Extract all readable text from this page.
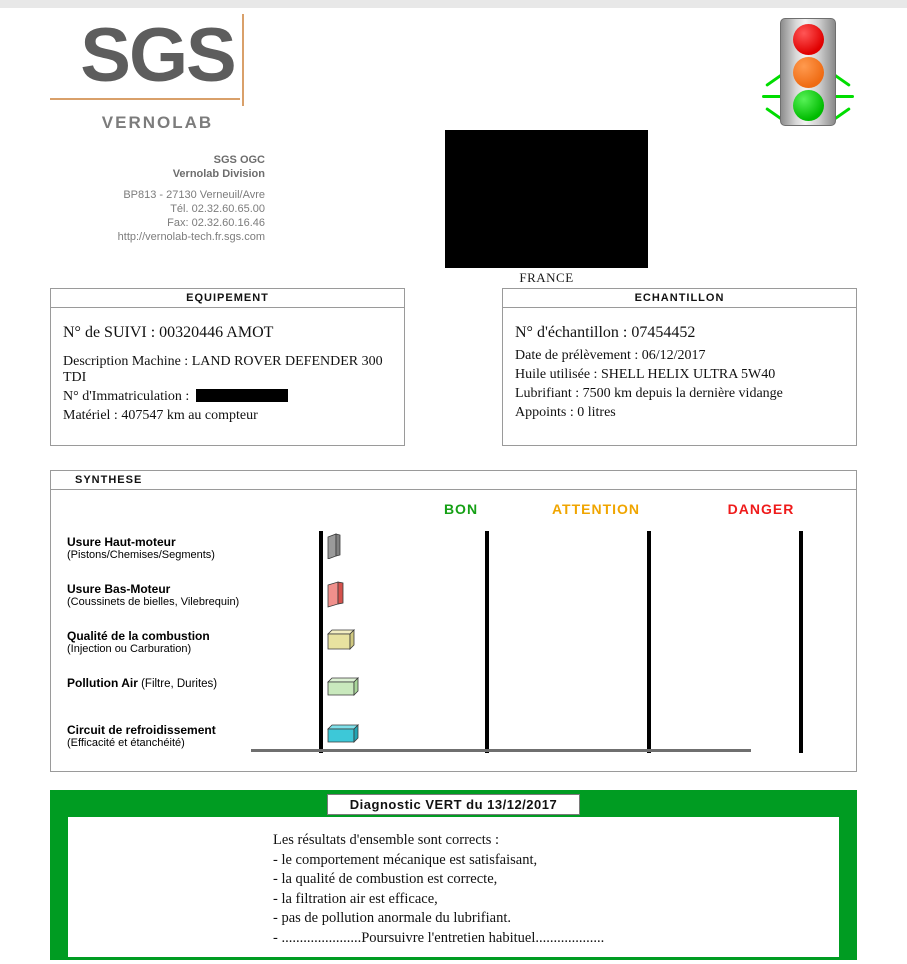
SGS
VERNOLAB
SGS OGC
Vernolab Division
BP813 - 27130 Verneuil/Avre
Tél. 02.32.60.65.00
Fax: 02.32.60.16.46
http://vernolab-tech.fr.sgs.com
FRANCE
EQUIPEMENT
N° de SUIVI : 00320446 AMOT
Description Machine : LAND ROVER DEFENDER 300 TDI
N° d'Immatriculation :
Matériel : 407547 km au compteur
ECHANTILLON
N° d'échantillon : 07454452
Date de prélèvement : 06/12/2017
Huile utilisée : SHELL HELIX ULTRA 5W40
Lubrifiant : 7500 km depuis la dernière vidange
Appoints : 0 litres
SYNTHESE
BON	ATTENTION	DANGER
Usure Haut-moteur
(Pistons/Chemises/Segments)
Usure Bas-Moteur
(Coussinets de bielles, Vilebrequin)
Qualité de la combustion
(Injection ou Carburation)
Pollution Air (Filtre, Durites)
Circuit de refroidissement
(Efficacité et étanchéité)
Diagnostic VERT du 13/12/2017
Les résultats d'ensemble sont corrects :
- le comportement mécanique est satisfaisant,
- la qualité de combustion est correcte,
- la filtration air est efficace,
- pas de pollution anormale du lubrifiant.
- ......................Poursuivre l'entretien habituel...................
